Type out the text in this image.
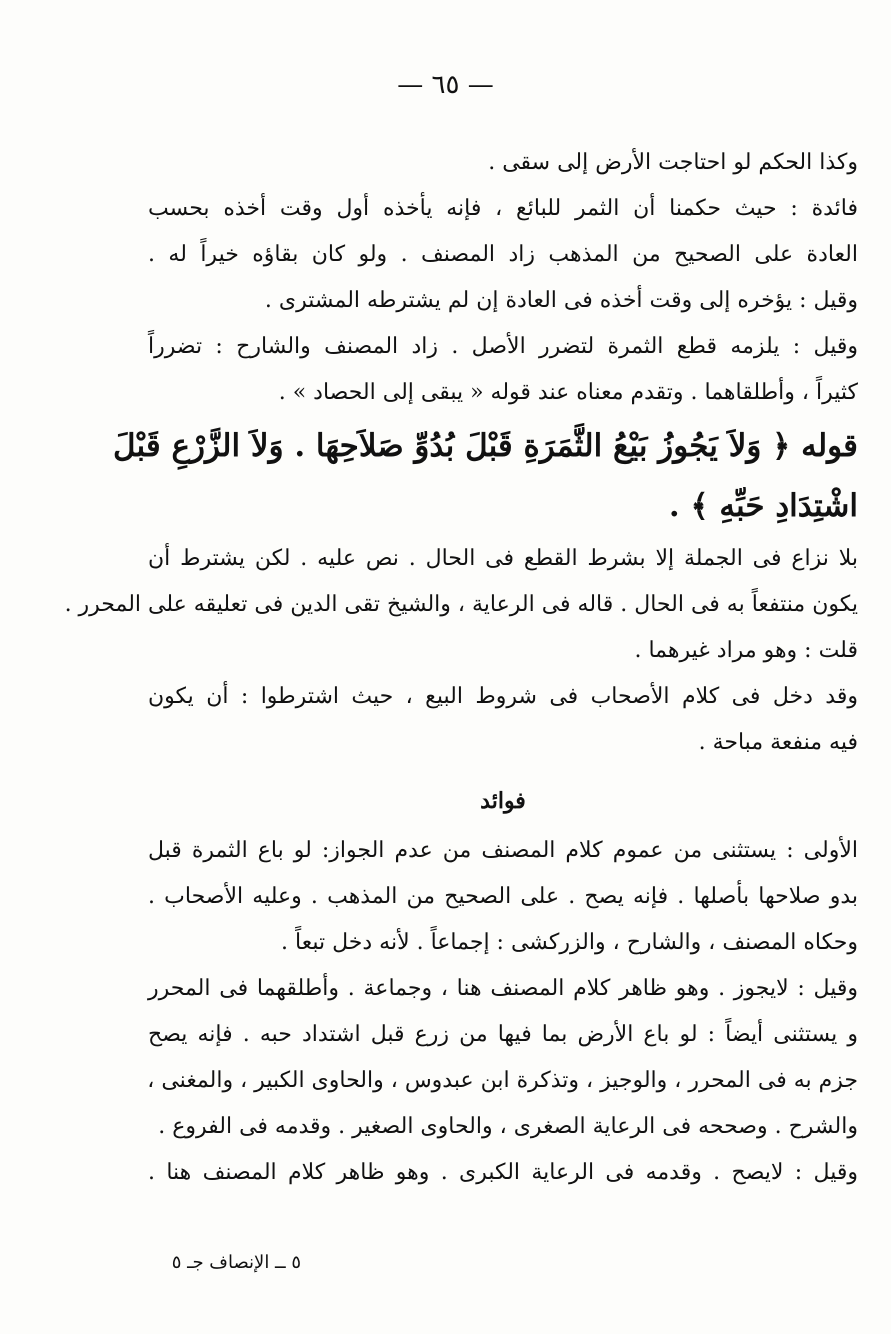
— ٦٥ —
وكذا الحكم لو احتاجت الأرض إلى سقى .
فائدة : حيث حكمنا أن الثمر للبائع ، فإنه يأخذه أول وقت أخذه بحسب
العادة على الصحيح من المذهب زاد المصنف . ولو كان بقاؤه خيراً له .
وقيل : يؤخره إلى وقت أخذه فى العادة إن لم يشترطه المشترى .
وقيل : يلزمه قطع الثمرة لتضرر الأصل . زاد المصنف والشارح : تضرراً
كثيراً ، وأطلقاهما . وتقدم معناه عند قوله « يبقى إلى الحصاد » .
قوله ﴿ وَلاَ يَجُوزُ بَيْعُ الثَّمَرَةِ قَبْلَ بُدُوِّ صَلاَحِهَا . وَلاَ الزَّرْعِ قَبْلَ
اشْتِدَادِ حَبِّهِ ﴾ .
بلا نزاع فى الجملة إلا بشرط القطع فى الحال . نص عليه . لكن يشترط أن
يكون منتفعاً به فى الحال . قاله فى الرعاية ، والشيخ تقى الدين فى تعليقه على المحرر .
قلت : وهو مراد غيرهما .
وقد دخل فى كلام الأصحاب فى شروط البيع ، حيث اشترطوا : أن يكون
فيه منفعة مباحة .
فوائد
الأولى : يستثنى من عموم كلام المصنف من عدم الجواز: لو باع الثمرة قبل
بدو صلاحها بأصلها . فإنه يصح . على الصحيح من المذهب . وعليه الأصحاب .
وحكاه المصنف ، والشارح ، والزركشى : إجماعاً . لأنه دخل تبعاً .
وقيل : لايجوز . وهو ظاهر كلام المصنف هنا ، وجماعة . وأطلقهما فى المحرر
و يستثنى أيضاً : لو باع الأرض بما فيها من زرع قبل اشتداد حبه . فإنه يصح
جزم به فى المحرر ، والوجيز ، وتذكرة ابن عبدوس ، والحاوى الكبير ، والمغنى ،
والشرح . وصححه فى الرعاية الصغرى ، والحاوى الصغير . وقدمه فى الفروع .
وقيل : لايصح . وقدمه فى الرعاية الكبرى . وهو ظاهر كلام المصنف هنا .
٥ ــ الإنصاف جـ ٥
